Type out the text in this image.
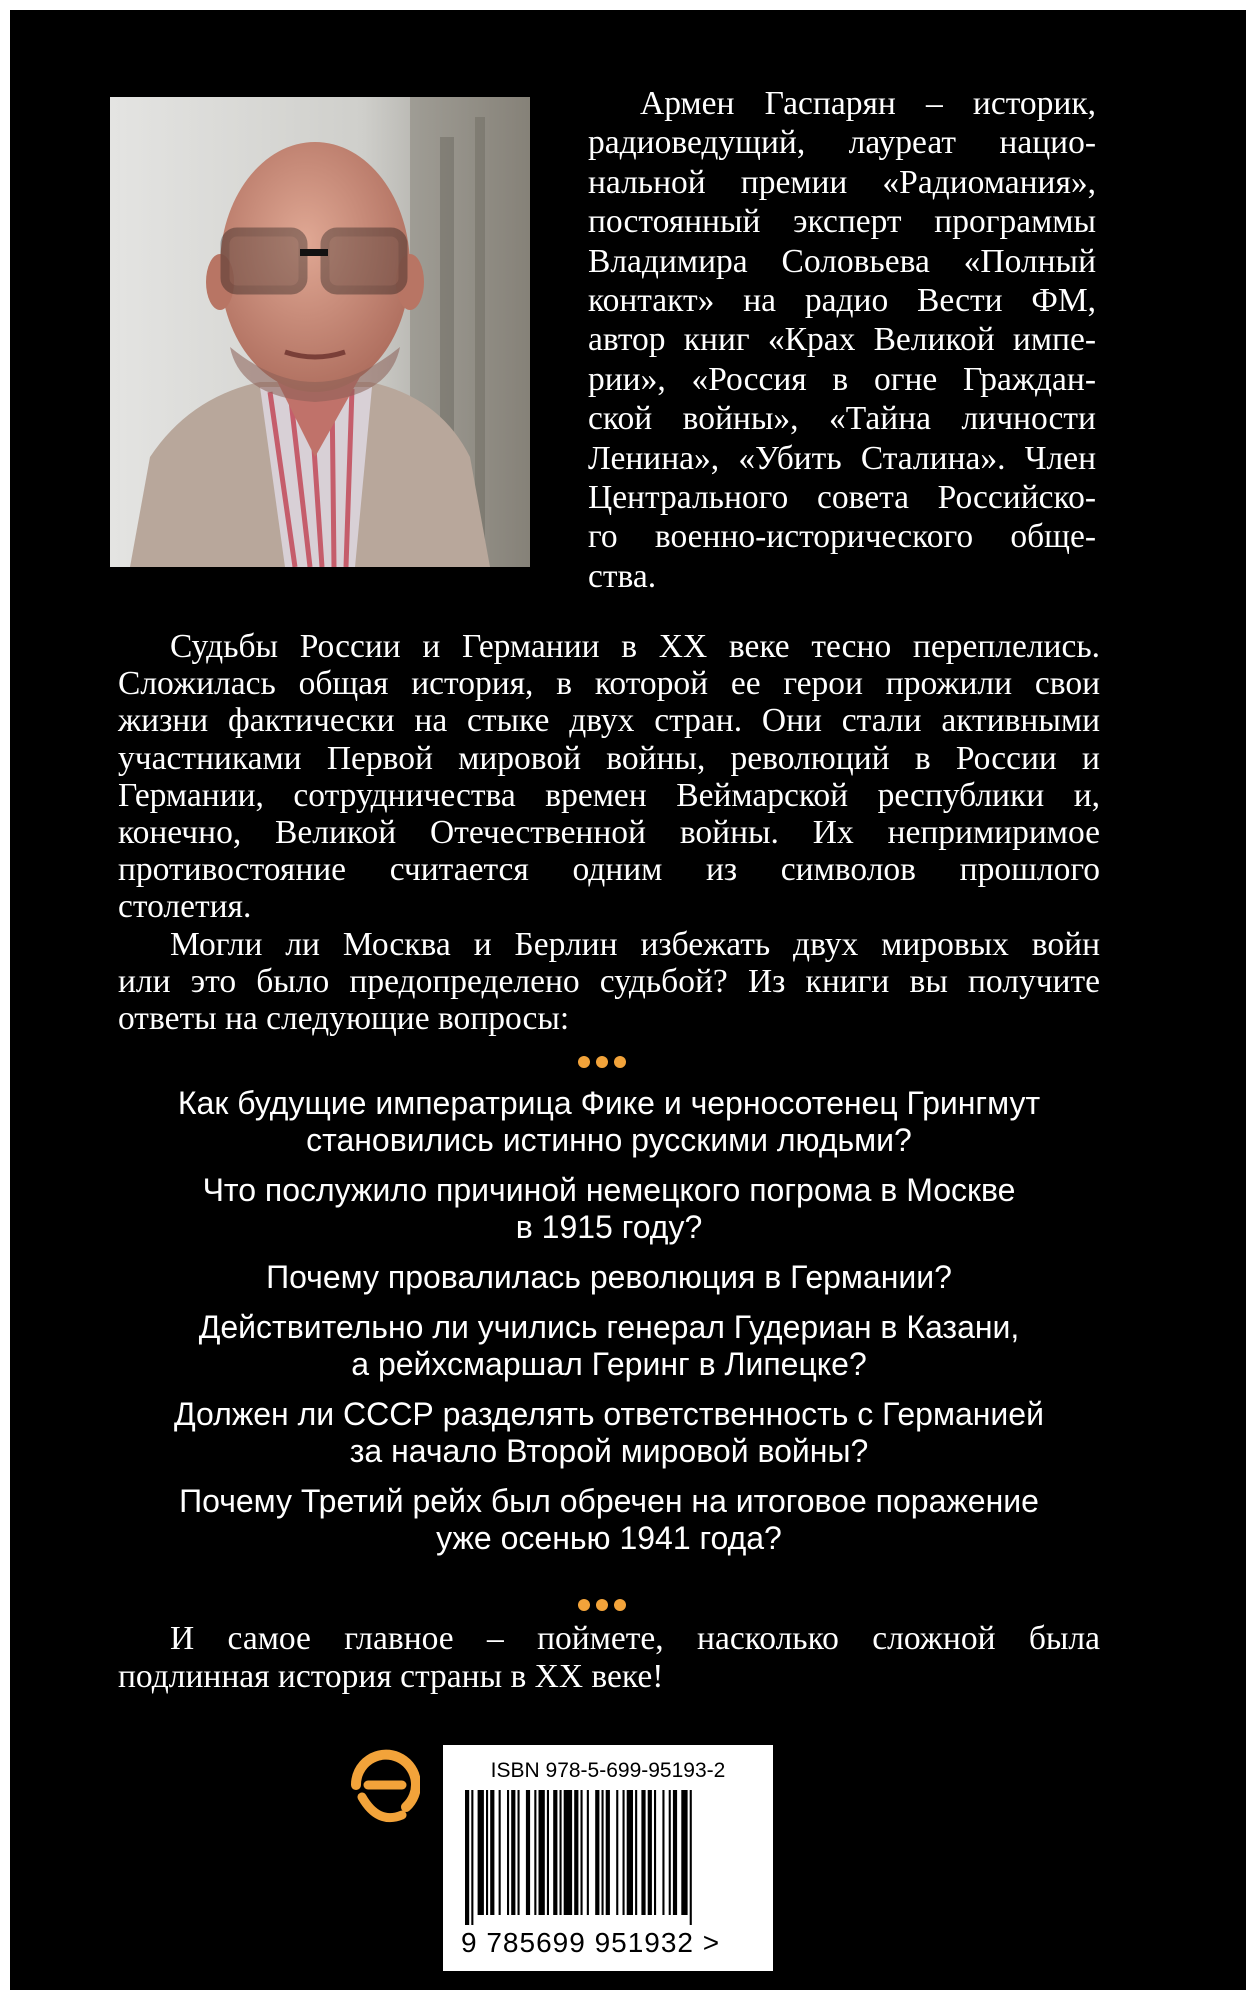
Армен Гаспарян – историк,
радиоведущий, лауреат нацио-
нальной премии «Радиомания»,
постоянный эксперт программы
Владимира Соловьева «Полный
контакт» на радио Вести ФМ,
автор книг «Крах Великой импе-
рии», «Россия в огне Граждан-
ской войны», «Тайна личности
Ленина», «Убить Сталина». Член
Центрального совета Российско-
го военно-исторического обще-
ства.
Судьбы России и Германии в XX веке тесно переплелись.
Сложилась общая история, в которой ее герои прожили свои
жизни фактически на стыке двух стран. Они стали активными
участниками Первой мировой войны, революций в России и
Германии, сотрудничества времен Веймарской республики и,
конечно, Великой Отечественной войны. Их непримиримое
противостояние считается одним из символов прошлого
столетия.
Могли ли Москва и Берлин избежать двух мировых войн
или это было предопределено судьбой? Из книги вы получите
ответы на следующие вопросы:
Как будущие императрица Фике и черносотенец Грингмут
становились истинно русскими людьми?
Что послужило причиной немецкого погрома в Москве
в 1915 году?
Почему провалилась революция в Германии?
Действительно ли учились генерал Гудериан в Казани,
а рейхсмаршал Геринг в Липецке?
Должен ли СССР разделять ответственность с Германией
за начало Второй мировой войны?
Почему Третий рейх был обречен на итоговое поражение
уже осенью 1941 года?
И самое главное – поймете, насколько сложной была
подлинная история страны в XX веке!
ISBN 978-5-699-95193-2
9 785699 951932 >
